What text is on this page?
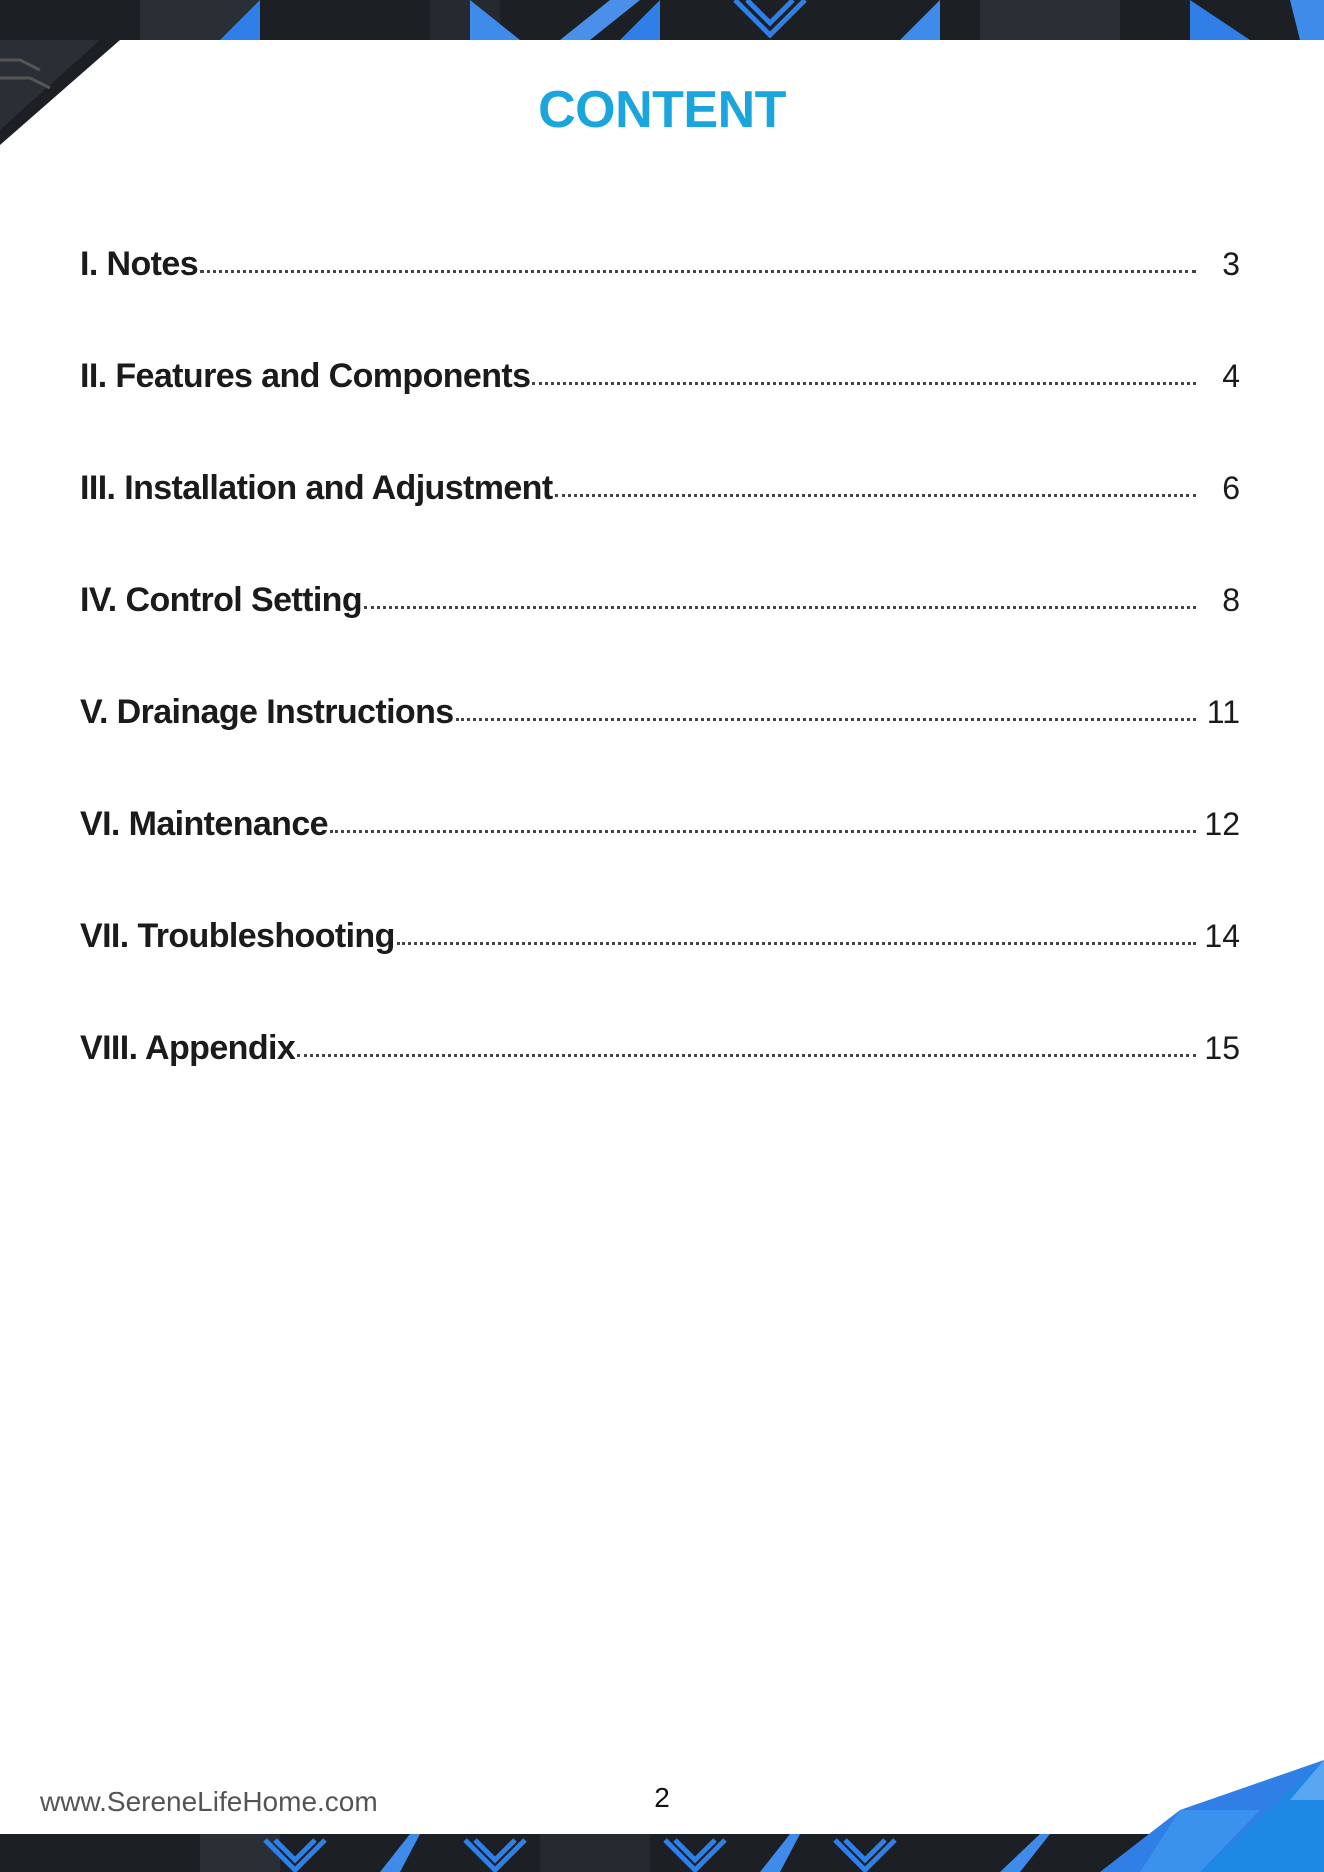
CONTENT
I. Notes	3
II. Features and Components	4
III. Installation and Adjustment	6
IV. Control Setting	8
V. Drainage Instructions	11
VI. Maintenance	12
VII. Troubleshooting	14
VIII. Appendix	15
www.SereneLifeHome.com	2
